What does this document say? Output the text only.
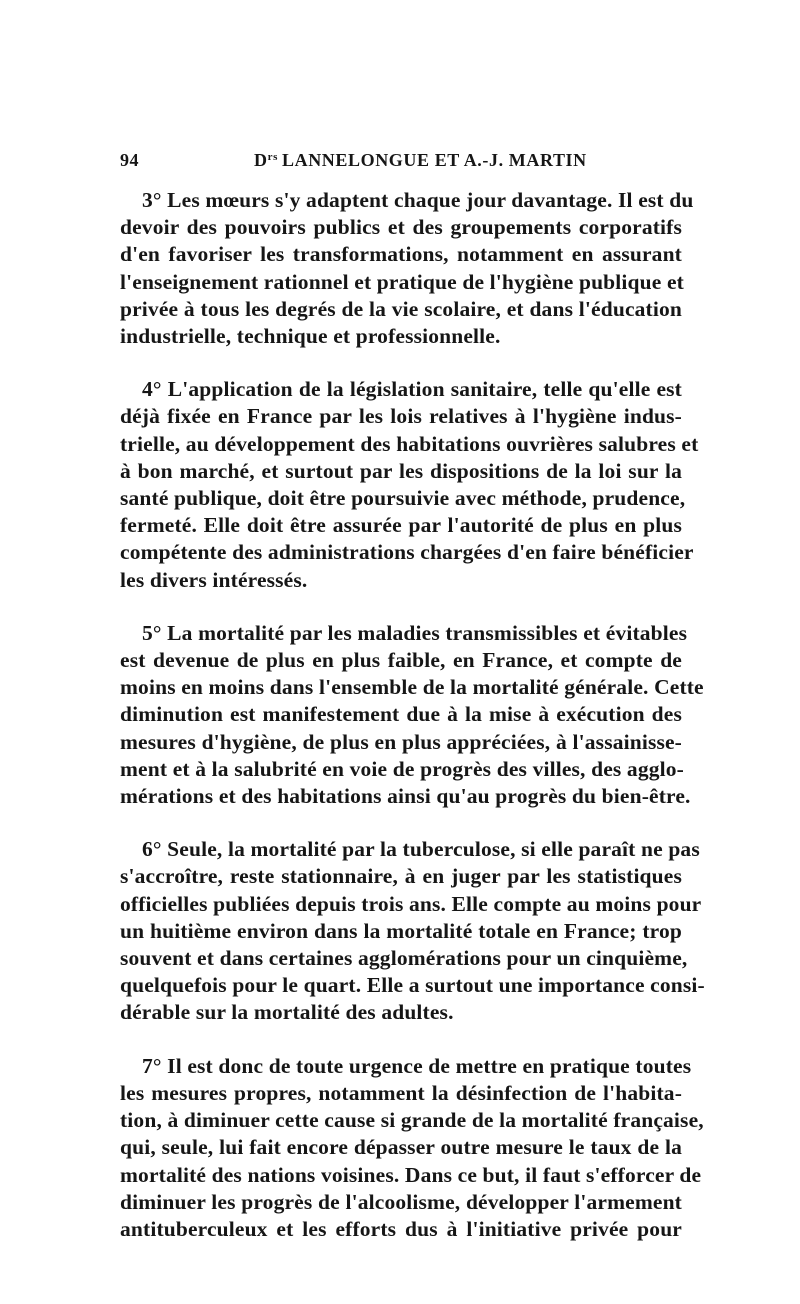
94	$D^{rs}$ LANNELONGUE ET A.-J. MARTIN
3° Les mœurs s'y adaptent chaque jour davantage. Il est du
devoir des pouvoirs publics et des groupements corporatifs
d'en favoriser les transformations, notamment en assurant
l'enseignement rationnel et pratique de l'hygiène publique et
privée à tous les degrés de la vie scolaire, et dans l'éducation
industrielle, technique et professionnelle.
4° L'application de la législation sanitaire, telle qu'elle est
déjà fixée en France par les lois relatives à l'hygiène indus-
trielle, au développement des habitations ouvrières salubres et
à bon marché, et surtout par les dispositions de la loi sur la
santé publique, doit être poursuivie avec méthode, prudence,
fermeté. Elle doit être assurée par l'autorité de plus en plus
compétente des administrations chargées d'en faire bénéficier
les divers intéressés.
5° La mortalité par les maladies transmissibles et évitables
est devenue de plus en plus faible, en France, et compte de
moins en moins dans l'ensemble de la mortalité générale. Cette
diminution est manifestement due à la mise à exécution des
mesures d'hygiène, de plus en plus appréciées, à l'assainisse-
ment et à la salubrité en voie de progrès des villes, des agglo-
mérations et des habitations ainsi qu'au progrès du bien-être.
6° Seule, la mortalité par la tuberculose, si elle paraît ne pas
s'accroître, reste stationnaire, à en juger par les statistiques
officielles publiées depuis trois ans. Elle compte au moins pour
un huitième environ dans la mortalité totale en France; trop
souvent et dans certaines agglomérations pour un cinquième,
quelquefois pour le quart. Elle a surtout une importance consi-
dérable sur la mortalité des adultes.
7° Il est donc de toute urgence de mettre en pratique toutes
les mesures propres, notamment la désinfection de l'habita-
tion, à diminuer cette cause si grande de la mortalité française,
qui, seule, lui fait encore dépasser outre mesure le taux de la
mortalité des nations voisines. Dans ce but, il faut s'efforcer de
diminuer les progrès de l'alcoolisme, développer l'armement
antituberculeux et les efforts dus à l'initiative privée pour
